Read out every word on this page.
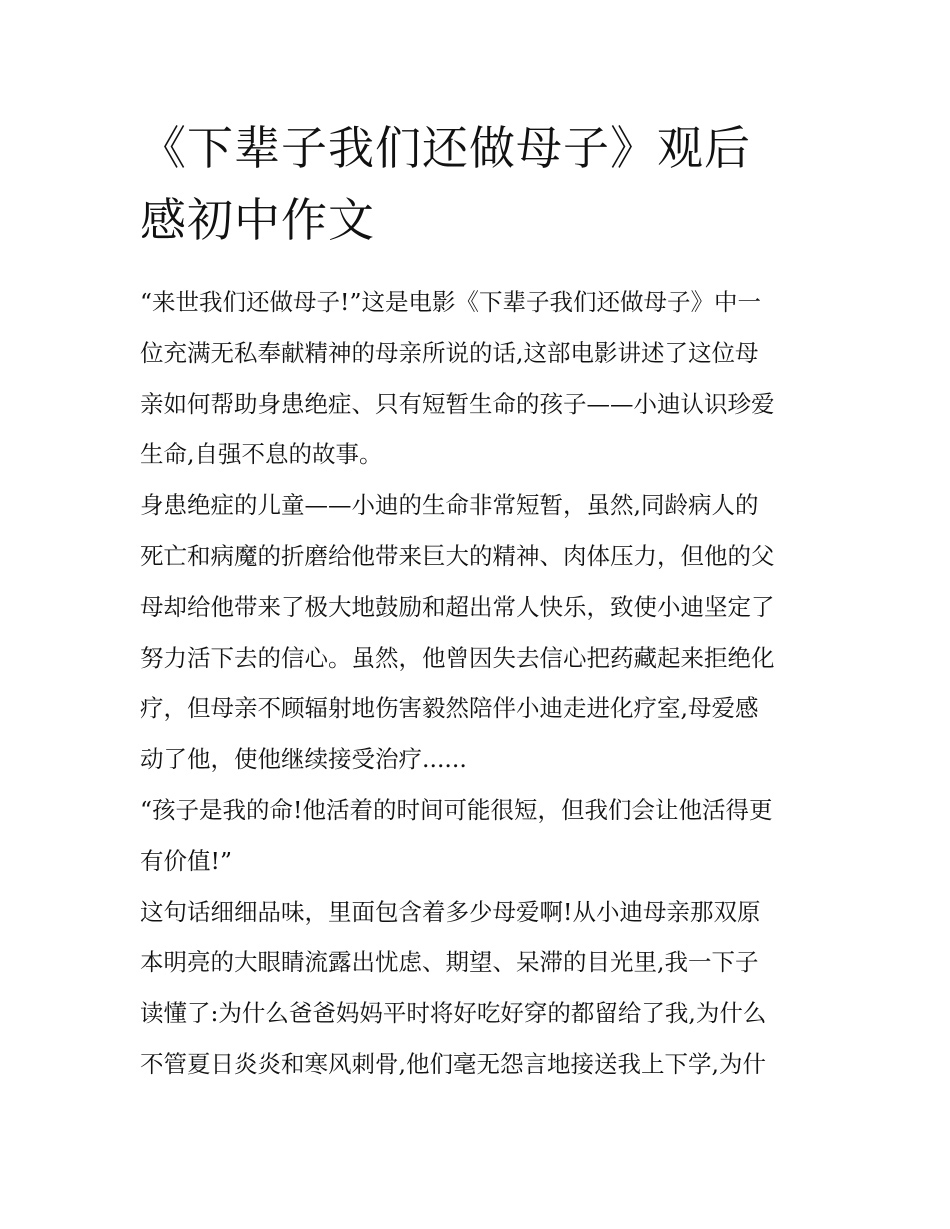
《下辈子我们还做母子》观后
感初中作文
“来世我们还做母子!”这是电影《下辈子我们还做母子》中一
位充满无私奉献精神的母亲所说的话,这部电影讲述了这位母
亲如何帮助身患绝症、只有短暂生命的孩子——小迪认识珍爱
生命,自强不息的故事。
身患绝症的儿童——小迪的生命非常短暂，虽然,同龄病人的
死亡和病魔的折磨给他带来巨大的精神、肉体压力，但他的父
母却给他带来了极大地鼓励和超出常人快乐，致使小迪坚定了
努力活下去的信心。虽然，他曾因失去信心把药藏起来拒绝化
疗，但母亲不顾辐射地伤害毅然陪伴小迪走进化疗室,母爱感
动了他，使他继续接受治疗......
“孩子是我的命!他活着的时间可能很短，但我们会让他活得更
有价值!”
这句话细细品味，里面包含着多少母爱啊!从小迪母亲那双原
本明亮的大眼睛流露出忧虑、期望、呆滞的目光里,我一下子
读懂了:为什么爸爸妈妈平时将好吃好穿的都留给了我,为什么
不管夏日炎炎和寒风刺骨,他们毫无怨言地接送我上下学,为什
